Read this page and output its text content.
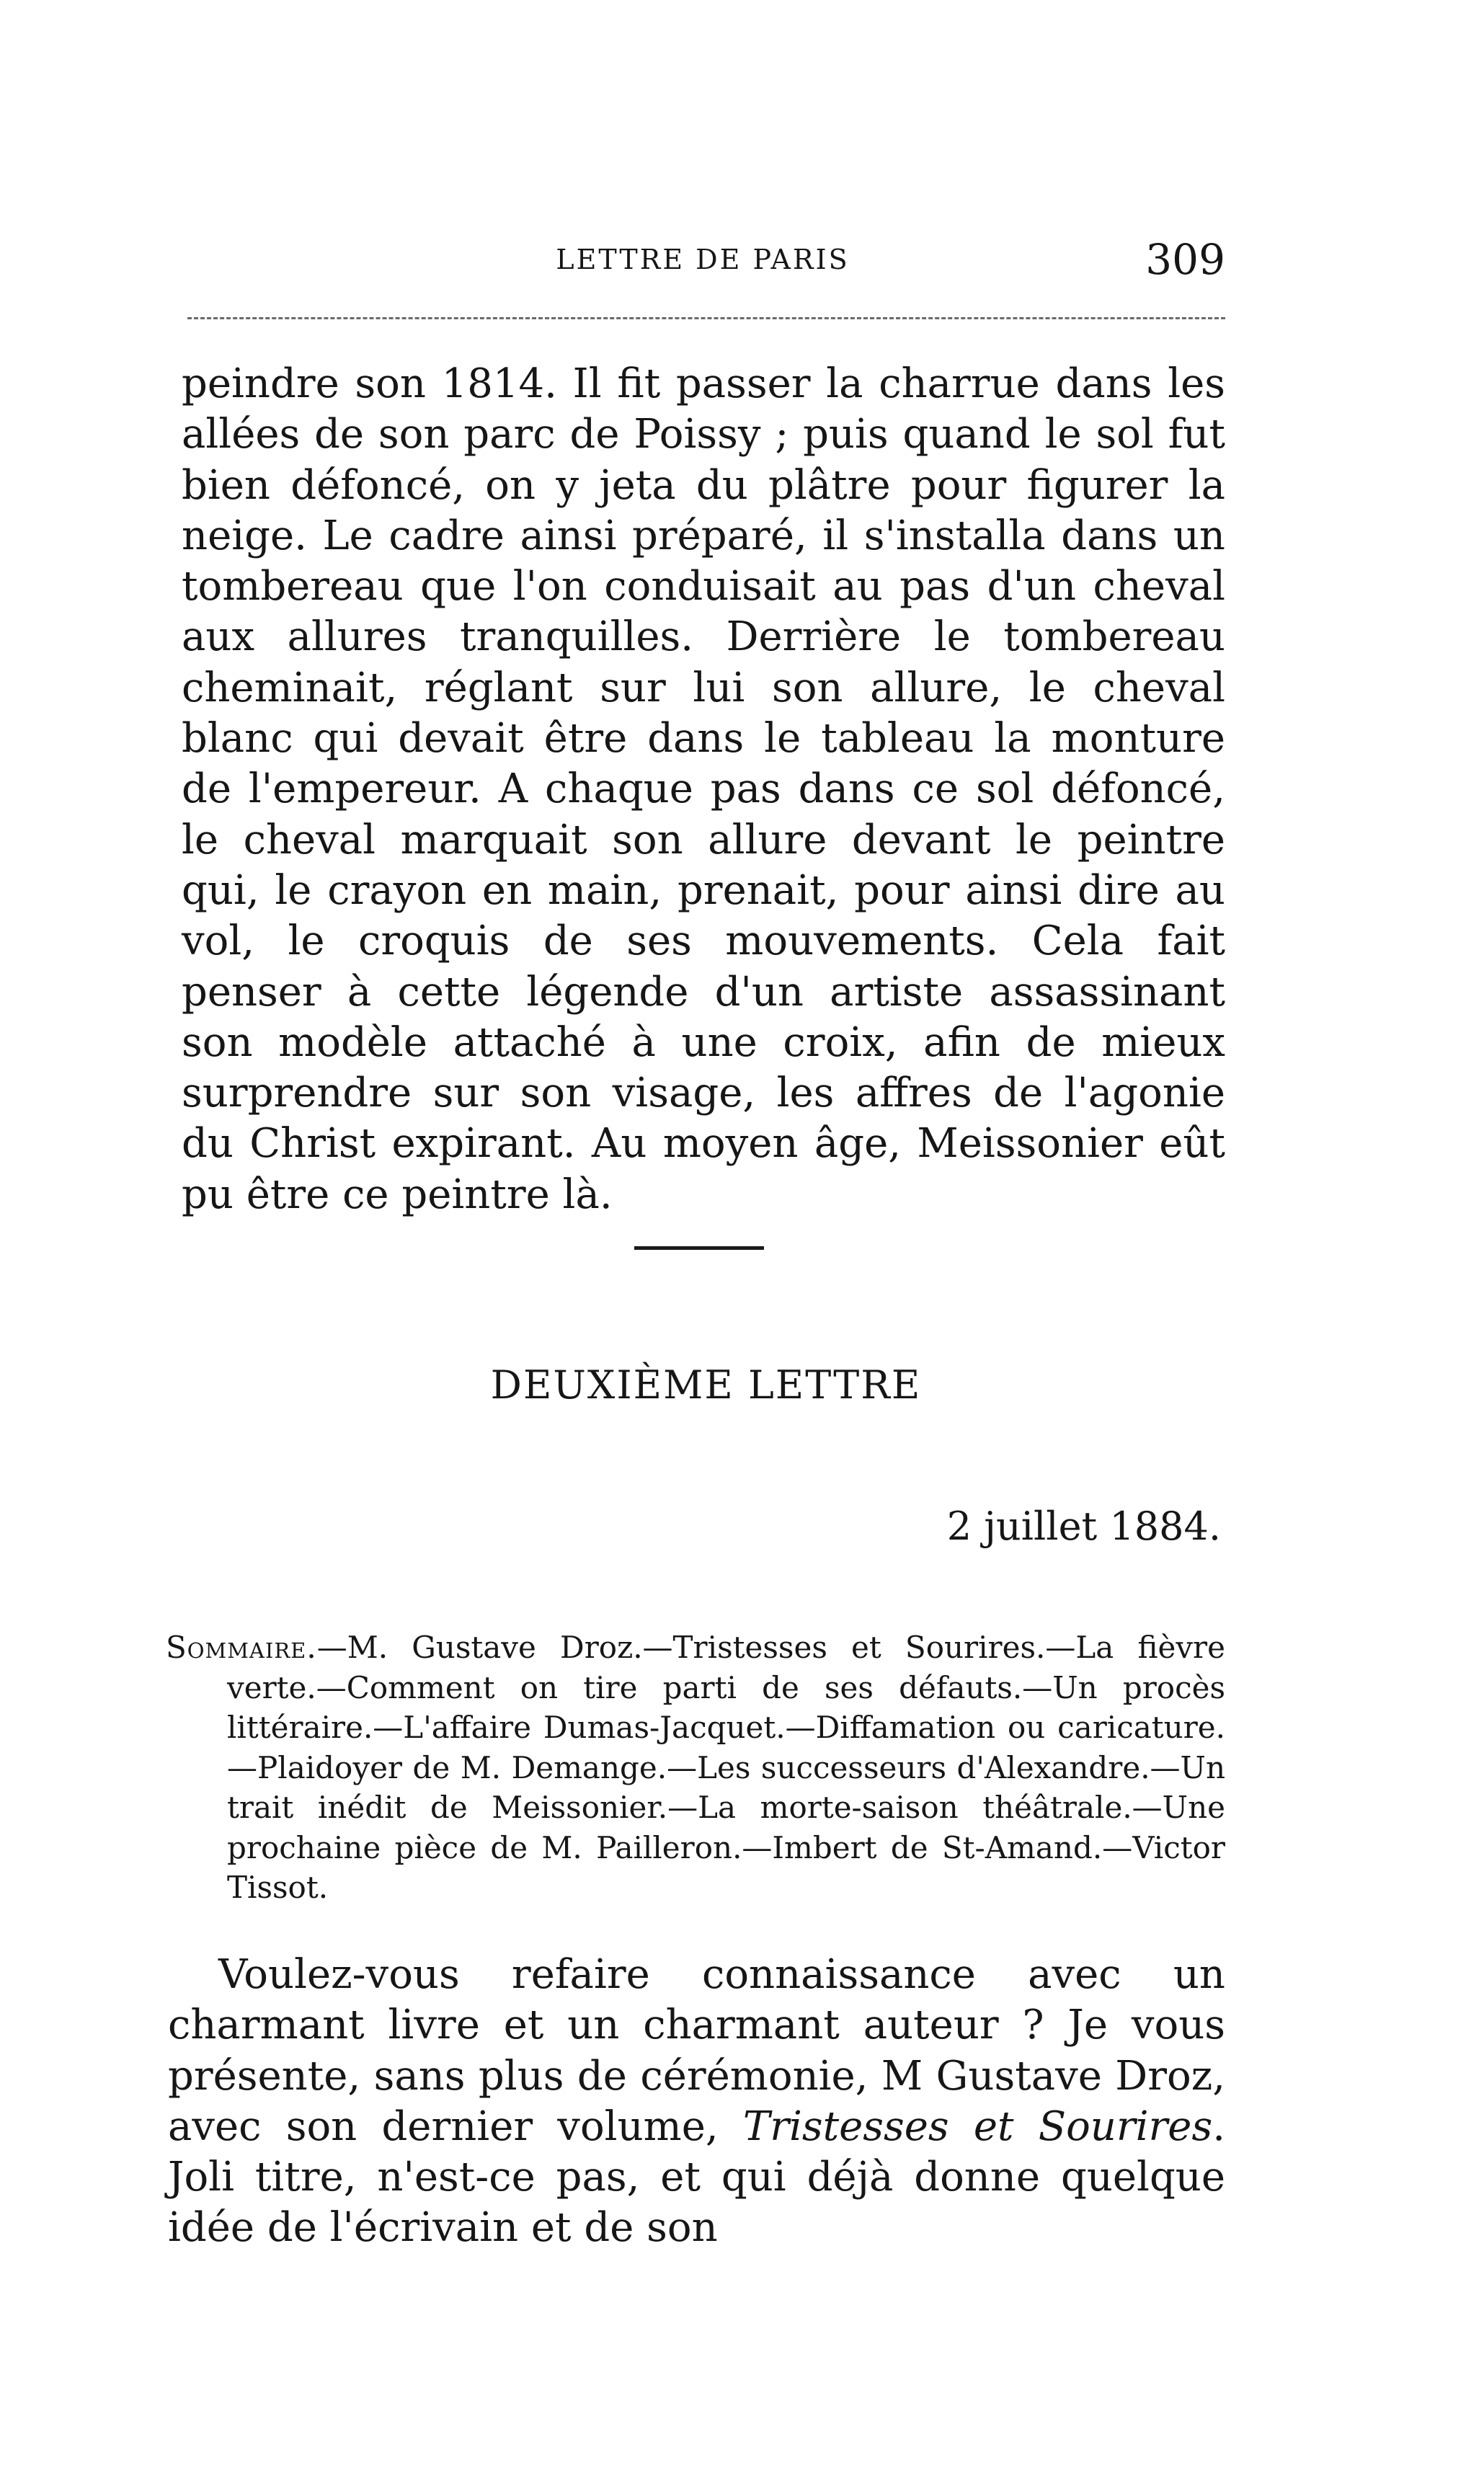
LETTRE DE PARIS	309

peindre son 1814. Il fit passer la charrue dans les allées de son parc de Poissy ; puis quand le sol fut bien défoncé, on y jeta du plâtre pour figurer la neige. Le cadre ainsi préparé, il s'installa dans un tombereau que l'on conduisait au pas d'un cheval aux allures tranquilles. Derrière le tombereau cheminait, réglant sur lui son allure, le cheval blanc qui devait être dans le tableau la monture de l'empereur. A chaque pas dans ce sol défoncé, le cheval marquait son allure devant le peintre qui, le crayon en main, prenait, pour ainsi dire au vol, le croquis de ses mouvements. Cela fait penser à cette légende d'un artiste assassinant son modèle attaché à une croix, afin de mieux surprendre sur son visage, les affres de l'agonie du Christ expirant. Au moyen âge, Meissonier eût pu être ce peintre là.

DEUXIÈME LETTRE
2 juillet 1884.

Sommaire.—M. Gustave Droz.—Tristesses et Sourires.—La fièvre verte.—Comment on tire parti de ses défauts.—Un procès littéraire.—L'affaire Dumas-Jacquet.—Diffamation ou caricature.—Plaidoyer de M. Demange.—Les successeurs d'Alexandre.—Un trait inédit de Meissonier.—La morte-saison théâtrale.—Une prochaine pièce de M. Pailleron.—Imbert de St-Amand.—Victor Tissot.

Voulez-vous refaire connaissance avec un charmant livre et un charmant auteur ? Je vous présente, sans plus de cérémonie, M Gustave Droz, avec son dernier volume, Tristesses et Sourires. Joli titre, n'est-ce pas, et qui déjà donne quelque idée de l'écrivain et de son
